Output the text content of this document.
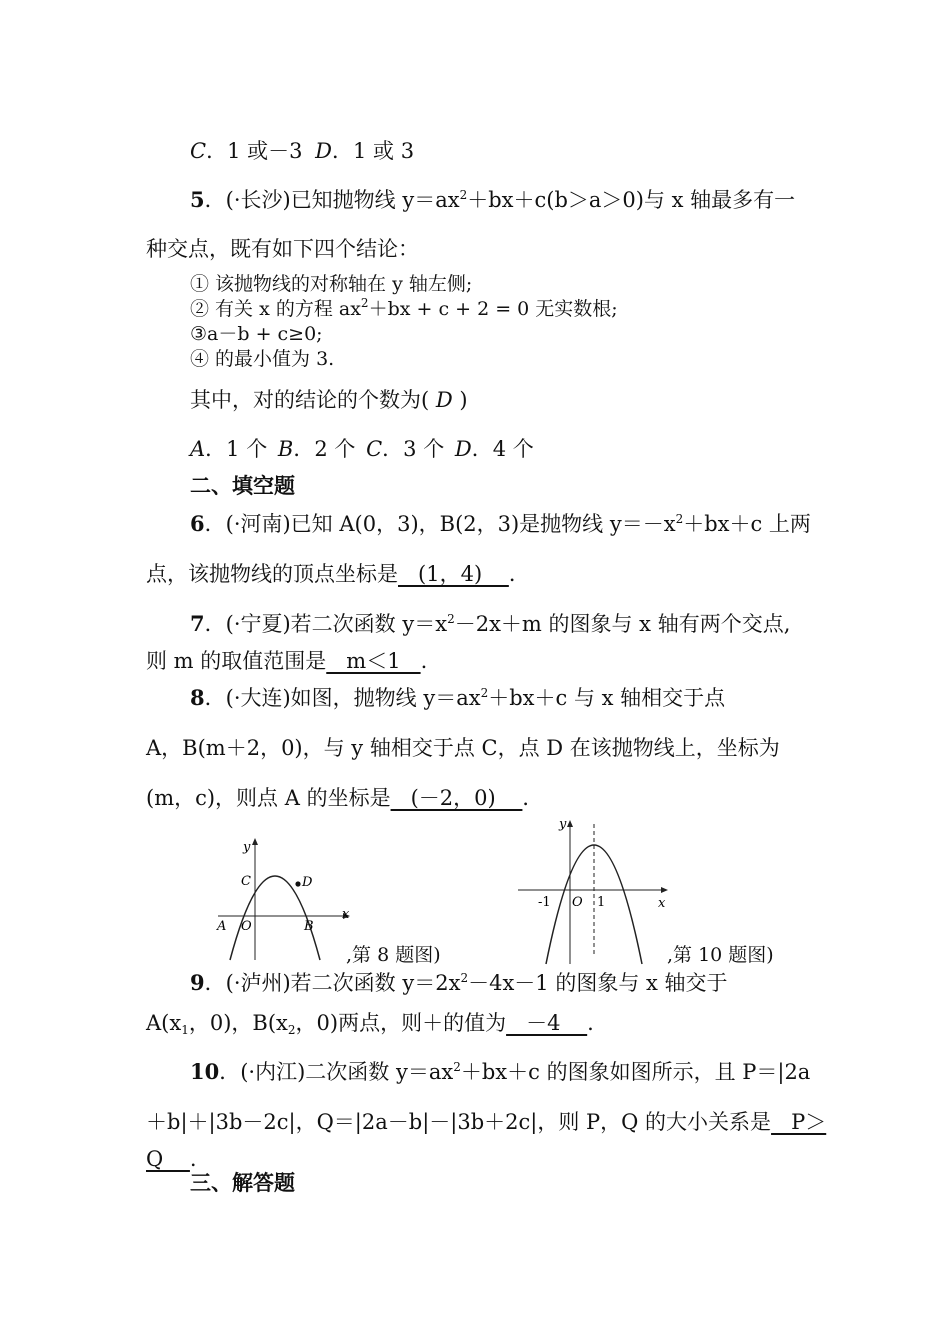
C．1 或－3 D．1 或 3
5．(·长沙)已知抛物线 $y=ax^2+bx+c(b>a>0)$与 x 轴最多有一
种交点，既有如下四个结论：
① 该抛物线的对称轴在 y 轴左侧;
② 有关 x 的方程 $ax^2+bx + c + 2 = 0$ 无实数根;
③a－b + c≥0;
④ 的最小值为 3.
其中，对的结论的个数为( D )
A．1 个 B．2 个 C．3 个 D．4 个
二、填空题
6．(·河南)已知 A(0，3)，B(2，3)是抛物线 $y=-x^2+bx+c$ 上两
点，该抛物线的顶点坐标是   (1，4)    ．
7．(·宁夏)若二次函数 $y=x^2-2x+m$ 的图象与 x 轴有两个交点,
则 m 的取值范围是   m＜1   .
8．(·大连)如图，抛物线 $y=ax^2+bx+c$ 与 x 轴相交于点
A，B(m＋2，0)，与 y 轴相交于点 C，点 D 在该抛物线上，坐标为
(m，c)，则点 A 的坐标是   (－2，0)    ．
y
x
C	D
A O	B
,第 8 题图)
y
x
-1 O 1
,第 10 题图)
9．(·泸州)若二次函数 $y=2x^2-4x-1$ 的图象与 x 轴交于
$A(x_1$，0)，$B(x_2$，0)两点，则＋的值为   －4    .
10．(·内江)二次函数 $y=ax^2+bx+c$ 的图象如图所示，且 P＝|2a
＋b|＋|3b－2c|，Q＝|2a－b|－|3b＋2c|，则 P，Q 的大小关系是   P＞
Q    .
三、解答题
